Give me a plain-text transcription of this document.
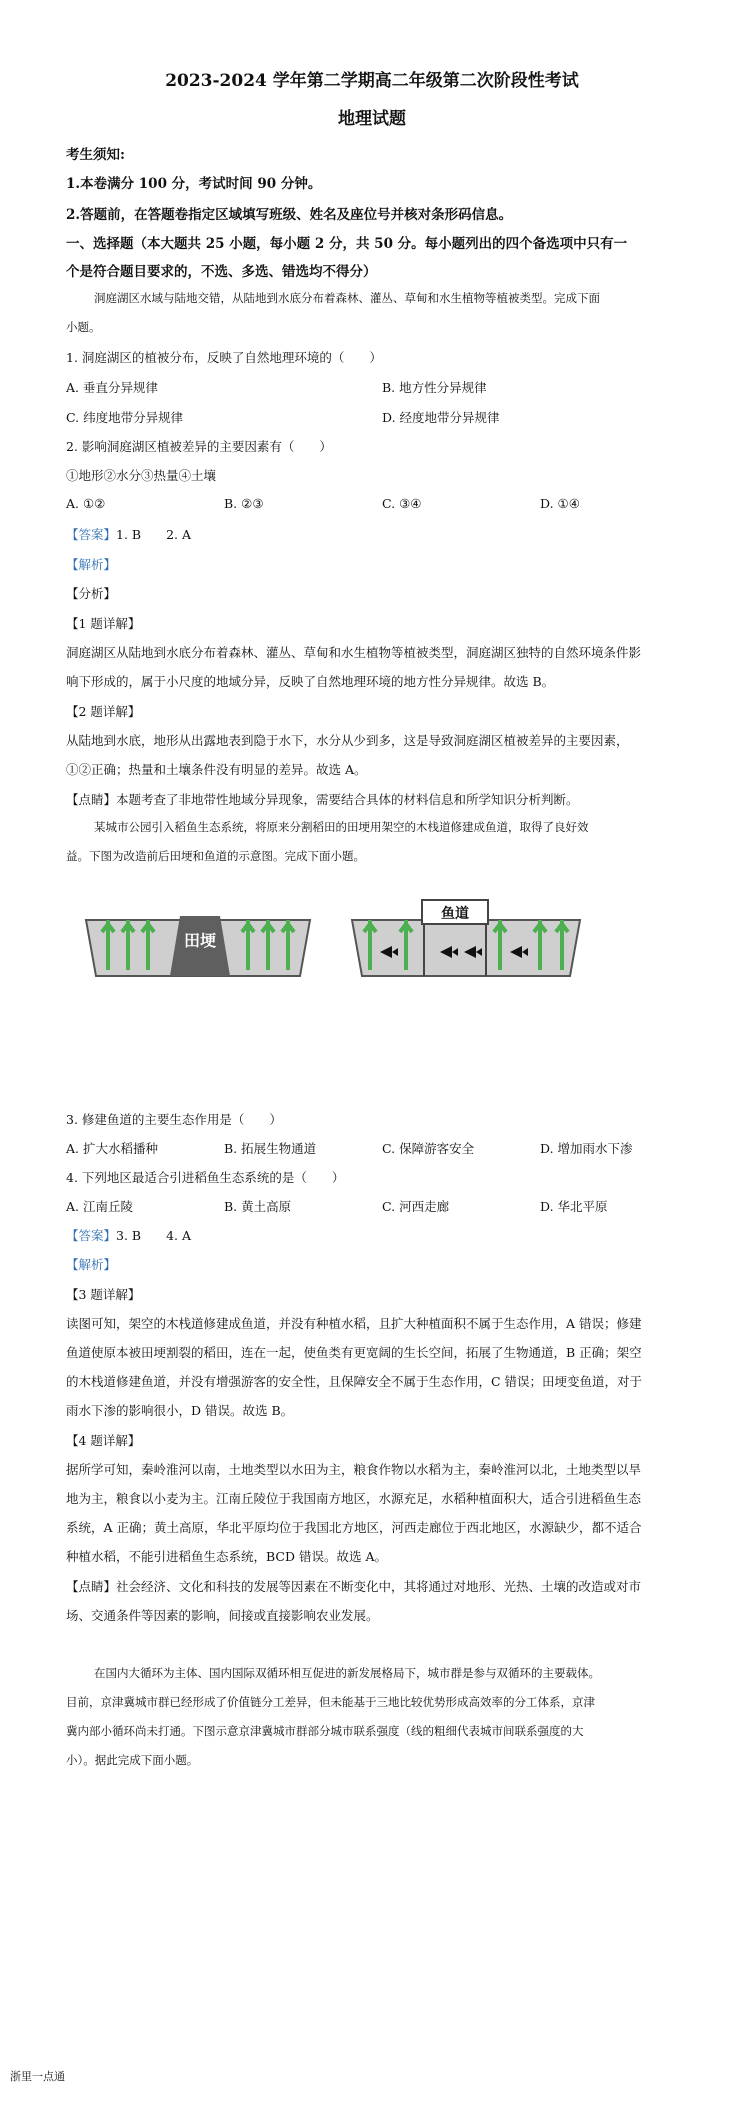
2023-2024 学年第二学期高二年级第二次阶段性考试
地理试题
考生须知:
1.本卷满分 100 分，考试时间 90 分钟。
2.答题前，在答题卷指定区域填写班级、姓名及座位号并核对条形码信息。
一、选择题（本大题共 25 小题，每小题 2 分，共 50 分。每小题列出的四个备选项中只有一
个是符合题目要求的，不选、多选、错选均不得分）
洞庭湖区水域与陆地交错，从陆地到水底分布着森林、灌丛、草甸和水生植物等植被类型。完成下面
小题。
1. 洞庭湖区的植被分布，反映了自然地理环境的（　　）
A. 垂直分异规律	B. 地方性分异规律
C. 纬度地带分异规律	D. 经度地带分异规律
2. 影响洞庭湖区植被差异的主要因素有（　　）
①地形②水分③热量④土壤
A. ①②	B. ②③	C. ③④	D. ①④
【答案】1. B　　2. A
【解析】
【分析】
【1 题详解】
洞庭湖区从陆地到水底分布着森林、灌丛、草甸和水生植物等植被类型，洞庭湖区独特的自然环境条件影
响下形成的，属于小尺度的地域分异，反映了自然地理环境的地方性分异规律。故选 B。
【2 题详解】
从陆地到水底，地形从出露地表到隐于水下，水分从少到多，这是导致洞庭湖区植被差异的主要因素，
①②正确；热量和土壤条件没有明显的差异。故选 A。
【点睛】本题考查了非地带性地域分异现象，需要结合具体的材料信息和所学知识分析判断。
某城市公园引入稻鱼生态系统，将原来分割稻田的田埂用架空的木栈道修建成鱼道，取得了良好效
益。下图为改造前后田埂和鱼道的示意图。完成下面小题。
田埂
鱼道
3. 修建鱼道的主要生态作用是（　　）
A. 扩大水稻播种	B. 拓展生物通道	C. 保障游客安全	D. 增加雨水下渗
4. 下列地区最适合引进稻鱼生态系统的是（　　）
A. 江南丘陵	B. 黄土高原	C. 河西走廊	D. 华北平原
【答案】3. B　　4. A
【解析】
【3 题详解】
读图可知，架空的木栈道修建成鱼道，并没有种植水稻，且扩大种植面积不属于生态作用，A 错误；修建
鱼道使原本被田埂割裂的稻田，连在一起，使鱼类有更宽阔的生长空间，拓展了生物通道，B 正确；架空
的木栈道修建鱼道，并没有增强游客的安全性，且保障安全不属于生态作用，C 错误；田埂变鱼道，对于
雨水下渗的影响很小，D 错误。故选 B。
【4 题详解】
据所学可知，秦岭淮河以南，土地类型以水田为主，粮食作物以水稻为主，秦岭淮河以北，土地类型以旱
地为主，粮食以小麦为主。江南丘陵位于我国南方地区，水源充足，水稻种植面积大，适合引进稻鱼生态
系统，A 正确；黄土高原，华北平原均位于我国北方地区，河西走廊位于西北地区，水源缺少，都不适合
种植水稻，不能引进稻鱼生态系统，BCD 错误。故选 A。
【点睛】社会经济、文化和科技的发展等因素在不断变化中，其将通过对地形、光热、土壤的改造或对市
场、交通条件等因素的影响，间接或直接影响农业发展。
在国内大循环为主体、国内国际双循环相互促进的新发展格局下，城市群是参与双循环的主要载体。
目前，京津冀城市群已经形成了价值链分工差异，但未能基于三地比较优势形成高效率的分工体系，京津
冀内部小循环尚未打通。下图示意京津冀城市群部分城市联系强度（线的粗细代表城市间联系强度的大
小）。据此完成下面小题。
浙里一点通
